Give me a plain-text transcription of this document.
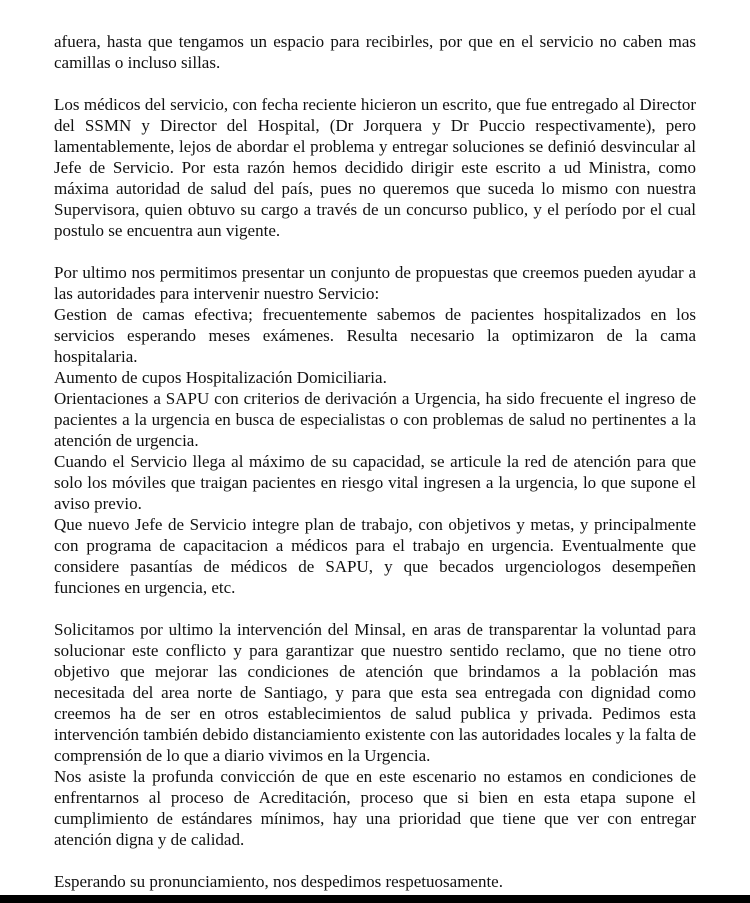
afuera, hasta que tengamos un espacio para recibirles, por que en el servicio no caben mas camillas o incluso sillas.

Los médicos del servicio, con fecha reciente hicieron un escrito, que fue entregado al Director del SSMN y Director del Hospital, (Dr Jorquera y Dr Puccio respectivamente), pero lamentablemente, lejos de abordar el problema y entregar soluciones se definió desvincular al Jefe de Servicio. Por esta razón hemos decidido dirigir este escrito a ud Ministra, como máxima autoridad de salud del país, pues no queremos que suceda lo mismo con nuestra Supervisora, quien obtuvo su cargo a través de un concurso publico, y el período por el cual postulo se encuentra aun vigente.

Por ultimo nos permitimos presentar un conjunto de propuestas que creemos pueden ayudar a las autoridades para intervenir nuestro Servicio:

Gestion de camas efectiva; frecuentemente sabemos de pacientes hospitalizados en los servicios esperando meses exámenes. Resulta necesario la optimizaron de la cama hospitalaria.

Aumento de cupos Hospitalización Domiciliaria.

Orientaciones a SAPU con criterios de derivación a Urgencia, ha sido frecuente el ingreso de pacientes a la urgencia en busca de especialistas o con problemas de salud no pertinentes a la atención de urgencia.

Cuando el Servicio llega al máximo de su capacidad, se articule la red de atención para que solo los móviles que traigan pacientes en riesgo vital ingresen a la urgencia, lo que supone el aviso previo.

Que nuevo Jefe de Servicio integre plan de trabajo, con objetivos y metas, y principalmente con programa de capacitacion a médicos para el trabajo en urgencia. Eventualmente que considere pasantías de médicos de SAPU, y que becados urgenciologos desempeñen funciones en urgencia, etc.

Solicitamos por ultimo la intervención del Minsal, en aras de transparentar la voluntad para solucionar este conflicto y para garantizar que nuestro sentido reclamo, que no tiene otro objetivo que mejorar las condiciones de atención que brindamos a la población mas necesitada del area norte de Santiago, y para que esta sea entregada con dignidad como creemos ha de ser en otros establecimientos de salud publica y privada. Pedimos esta intervención también debido distanciamiento existente con las autoridades locales y la falta de comprensión de lo que a diario vivimos en la Urgencia.

Nos asiste la profunda convicción de que en este escenario no estamos en condiciones de enfrentarnos al proceso de Acreditación, proceso que si bien en esta etapa supone el cumplimiento de estándares mínimos, hay una prioridad que tiene que ver con entregar atención digna y de calidad.

Esperando su pronunciamiento, nos despedimos respetuosamente.
